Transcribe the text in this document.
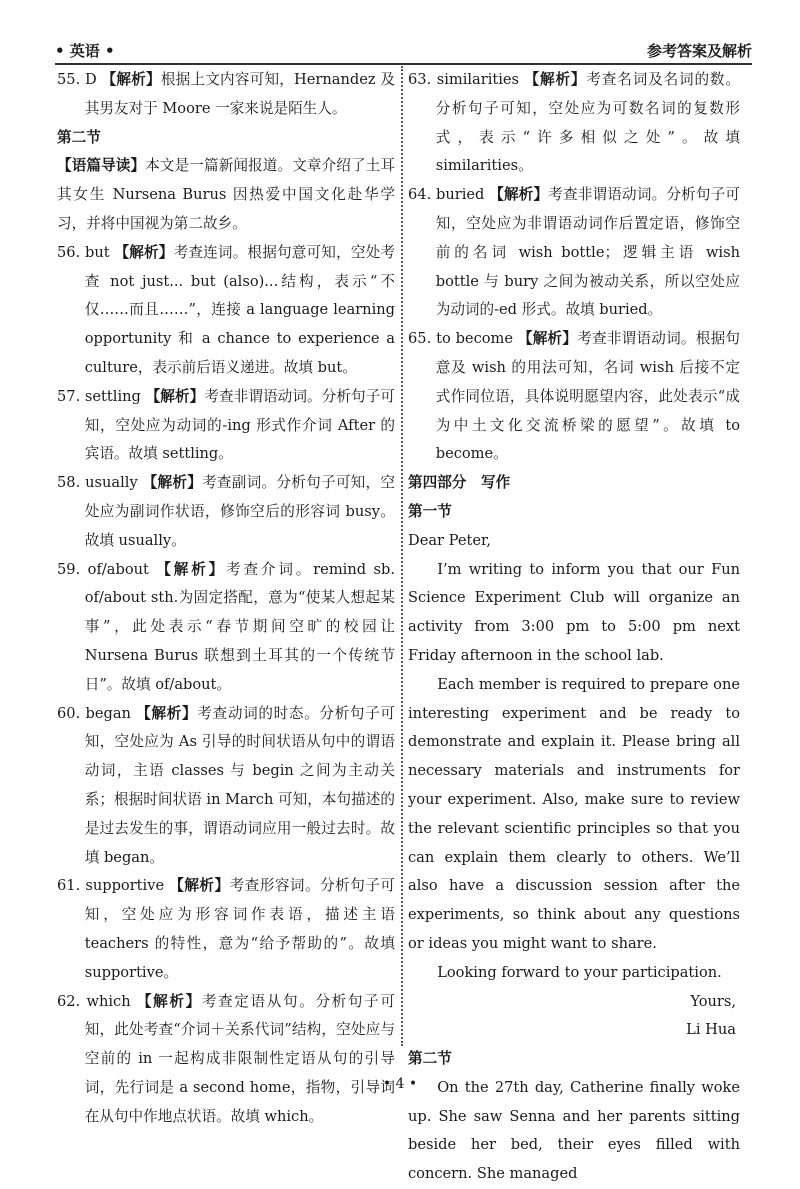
• 英语 •	参考答案及解析

55. D 【解析】根据上文内容可知，Hernandez 及其男友对于 Moore 一家来说是陌生人。

第二节

【语篇导读】本文是一篇新闻报道。文章介绍了土耳其女生 Nursena Burus 因热爱中国文化赴华学习，并将中国视为第二故乡。

56. but 【解析】考查连词。根据句意可知，空处考查 not just... but (also)...结构，表示“不仅……而且……”，连接 a language learning opportunity 和 a chance to experience a culture，表示前后语义递进。故填 but。

57. settling 【解析】考查非谓语动词。分析句子可知，空处应为动词的-ing 形式作介词 After 的宾语。故填 settling。

58. usually 【解析】考查副词。分析句子可知，空处应为副词作状语，修饰空后的形容词 busy。故填 usually。

59. of/about 【解析】考查介词。remind sb. of/about sth.为固定搭配，意为“使某人想起某事”，此处表示“春节期间空旷的校园让 Nursena Burus 联想到土耳其的一个传统节日”。故填 of/about。

60. began 【解析】考查动词的时态。分析句子可知，空处应为 As 引导的时间状语从句中的谓语动词，主语 classes 与 begin 之间为主动关系；根据时间状语 in March 可知，本句描述的是过去发生的事，谓语动词应用一般过去时。故填 began。

61. supportive 【解析】考查形容词。分析句子可知，空处应为形容词作表语，描述主语 teachers 的特性，意为“给予帮助的”。故填 supportive。

62. which 【解析】考查定语从句。分析句子可知，此处考查“介词＋关系代词”结构，空处应与空前的 in 一起构成非限制性定语从句的引导词，先行词是 a second home，指物，引导词在从句中作地点状语。故填 which。

63. similarities 【解析】考查名词及名词的数。分析句子可知，空处应为可数名词的复数形式，表示“许多相似之处”。故填 similarities。

64. buried 【解析】考查非谓语动词。分析句子可知，空处应为非谓语动词作后置定语，修饰空前的名词 wish bottle；逻辑主语 wish bottle 与 bury 之间为被动关系，所以空处应为动词的-ed 形式。故填 buried。

65. to become 【解析】考查非谓语动词。根据句意及 wish 的用法可知，名词 wish 后接不定式作同位语，具体说明愿望内容，此处表示“成为中土文化交流桥梁的愿望”。故填 to become。

第四部分　写作

第一节

Dear Peter,

I’m writing to inform you that our Fun Science Experiment Club will organize an activity from 3:00 pm to 5:00 pm next Friday afternoon in the school lab.

Each member is required to prepare one interesting experiment and be ready to demonstrate and explain it. Please bring all necessary materials and instruments for your experiment. Also, make sure to review the relevant scientific principles so that you can explain them clearly to others. We’ll also have a discussion session after the experiments, so think about any questions or ideas you might want to share.

Looking forward to your participation.

Yours,

Li Hua

第二节

On the 27th day, Catherine finally woke up. She saw Senna and her parents sitting beside her bed, their eyes filled with concern. She managed

• 4 •
